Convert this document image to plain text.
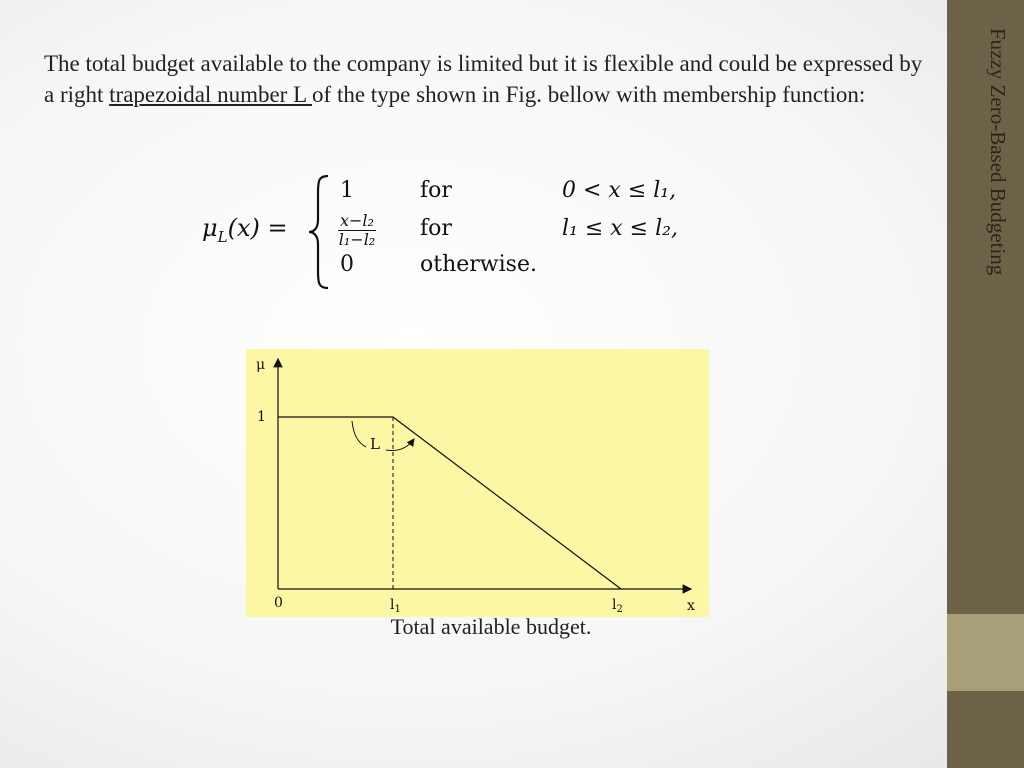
The total budget available to the company is limited but it is flexible and could be expressed by a right trapezoidal number L of the type shown in Fig. bellow with membership function:
$\mu_L(x)$ =
1	for	0 < x ≤ l₁,
$\frac{\text{x−l₂}}{\text{l₁−l₂}}$ for	l₁ ≤ x ≤ l₂,
0	otherwise.
μ
1
L
0	$l_1$	$l_2$	x
Total available budget.
Fuzzy Zero-Based Budgeting
